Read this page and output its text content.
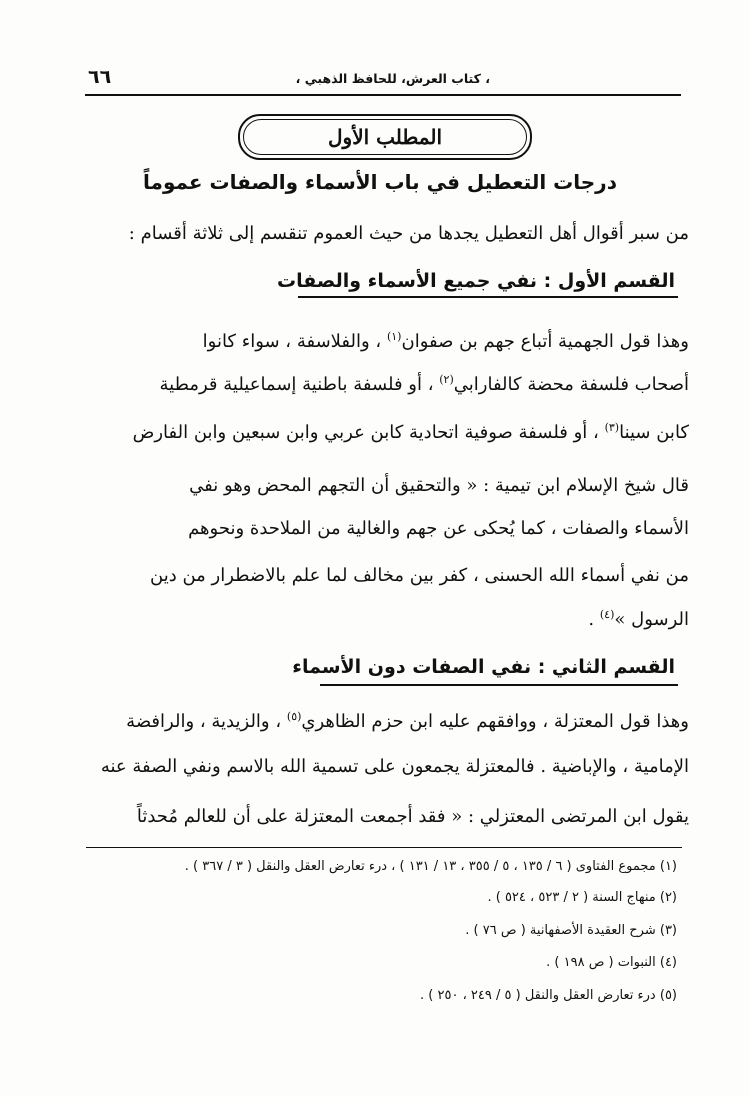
، كتاب العرش، للحافظ الذهبي ،
٦٦
المطلب الأول
درجات التعطيل في باب الأسماء والصفات عموماً
من سبر أقوال أهل التعطيل يجدها من حيث العموم تنقسم إلى ثلاثة أقسام :
القسم الأول : نفي جميع الأسماء والصفات
وهذا قول الجهمية أتباع جهم بن صفوان$^{(١)}$ ، والفلاسفة ، سواء كانوا
أصحاب فلسفة محضة كالفارابي$^{(٢)}$ ، أو فلسفة باطنية إسماعيلية قرمطية
كابن سينا$^{(٣)}$ ، أو فلسفة صوفية اتحادية كابن عربي وابن سبعين وابن الفارض
قال شيخ الإسلام ابن تيمية : « والتحقيق أن التجهم المحض وهو نفي
الأسماء والصفات ، كما يُحكى عن جهم والغالية من الملاحدة ونحوهم
من نفي أسماء الله الحسنى ، كفر بين مخالف لما علم بالاضطرار من دين
الرسول »$^{(٤)}$ .
القسم الثاني : نفي الصفات دون الأسماء
وهذا قول المعتزلة ، ووافقهم عليه ابن حزم الظاهري$^{(٥)}$ ، والزيدية ، والرافضة
الإمامية ، والإباضية . فالمعتزلة يجمعون على تسمية الله بالاسم ونفي الصفة عنه
يقول ابن المرتضى المعتزلي : « فقد أجمعت المعتزلة على أن للعالم مُحدثاً
(١) مجموع الفتاوى ( ٦ / ١٣٥ ، ٥ / ٣٥٥ ، ١٣ / ١٣١ ) ، درء تعارض العقل والنقل ( ٣ / ٣٦٧ ) .
(٢) منهاج السنة ( ٢ / ٥٢٣ ، ٥٢٤ ) .
(٣) شرح العقيدة الأصفهانية ( ص ٧٦ ) .
(٤) النبوات ( ص ١٩٨ ) .
(٥) درء تعارض العقل والنقل ( ٥ / ٢٤٩ ، ٢٥٠ ) .
